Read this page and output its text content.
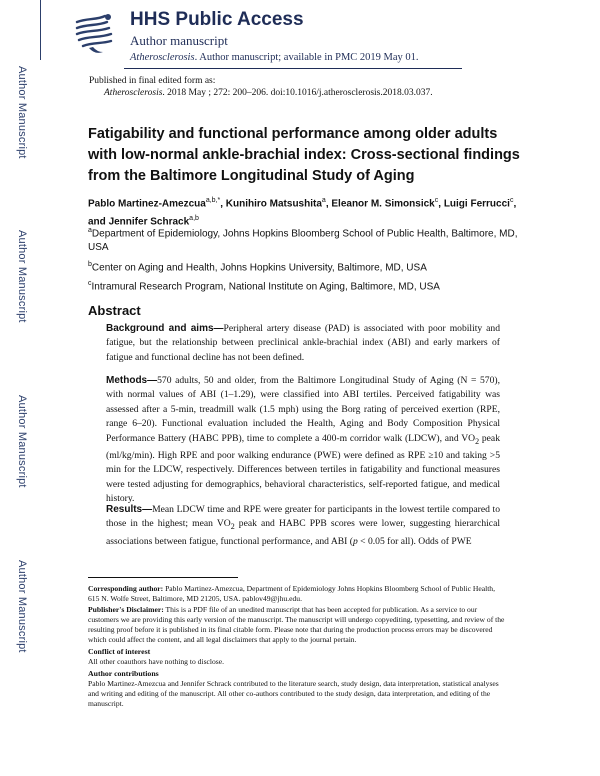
Author Manuscript
Author Manuscript
Author Manuscript
Author Manuscript
HHS Public Access
Author manuscript
Atherosclerosis. Author manuscript; available in PMC 2019 May 01.
Published in final edited form as:
Atherosclerosis. 2018 May ; 272: 200–206. doi:10.1016/j.atherosclerosis.2018.03.037.
Fatigability and functional performance among older adults with low-normal ankle-brachial index: Cross-sectional findings from the Baltimore Longitudinal Study of Aging
Pablo Martinez-Amezcua$^{a,b,*}$, Kunihiro Matsushita$^a$, Eleanor M. Simonsick$^c$, Luigi Ferrucci$^c$, and Jennifer Schrack$^{a,b}$
$^a$Department of Epidemiology, Johns Hopkins Bloomberg School of Public Health, Baltimore, MD, USA
$^b$Center on Aging and Health, Johns Hopkins University, Baltimore, MD, USA
$^c$Intramural Research Program, National Institute on Aging, Baltimore, MD, USA
Abstract
Background and aims—Peripheral artery disease (PAD) is associated with poor mobility and fatigue, but the relationship between preclinical ankle-brachial index (ABI) and early markers of fatigue and functional decline has not been defined.
Methods—570 adults, 50 and older, from the Baltimore Longitudinal Study of Aging (N = 570), with normal values of ABI (1–1.29), were classified into ABI tertiles. Perceived fatigability was assessed after a 5-min, treadmill walk (1.5 mph) using the Borg rating of perceived exertion (RPE, range 6–20). Functional evaluation included the Health, Aging and Body Composition Physical Performance Battery (HABC PPB), time to complete a 400-m corridor walk (LDCW), and $VO_2$ peak (ml/kg/min). High RPE and poor walking endurance (PWE) were defined as RPE ≥10 and taking >5 min for the LDCW, respectively. Differences between tertiles in fatigability and functional measures were tested adjusting for demographics, behavioral characteristics, self-reported fatigue, and medical history.
Results—Mean LDCW time and RPE were greater for participants in the lowest tertile compared to those in the highest; mean $VO_2$ peak and HABC PPB scores were lower, suggesting hierarchical associations between fatigue, functional performance, and ABI (p < 0.05 for all). Odds of PWE
Corresponding author: Pablo Martinez-Amezcua, Department of Epidemiology Johns Hopkins Bloomberg School of Public Health, 615 N. Wolfe Street, Baltimore, MD 21205, USA. pablov49@jhu.edu.
Publisher's Disclaimer: This is a PDF file of an unedited manuscript that has been accepted for publication. As a service to our customers we are providing this early version of the manuscript. The manuscript will undergo copyediting, typesetting, and review of the resulting proof before it is published in its final citable form. Please note that during the production process errors may be discovered which could affect the content, and all legal disclaimers that apply to the journal pertain.
Conflict of interest
All other coauthors have nothing to disclose.
Author contributions
Pablo Martinez-Amezcua and Jennifer Schrack contributed to the literature search, study design, data interpretation, statistical analyses and writing and editing of the manuscript. All other co-authors contributed to the study design, data interpretation, and editing of the manuscript.
